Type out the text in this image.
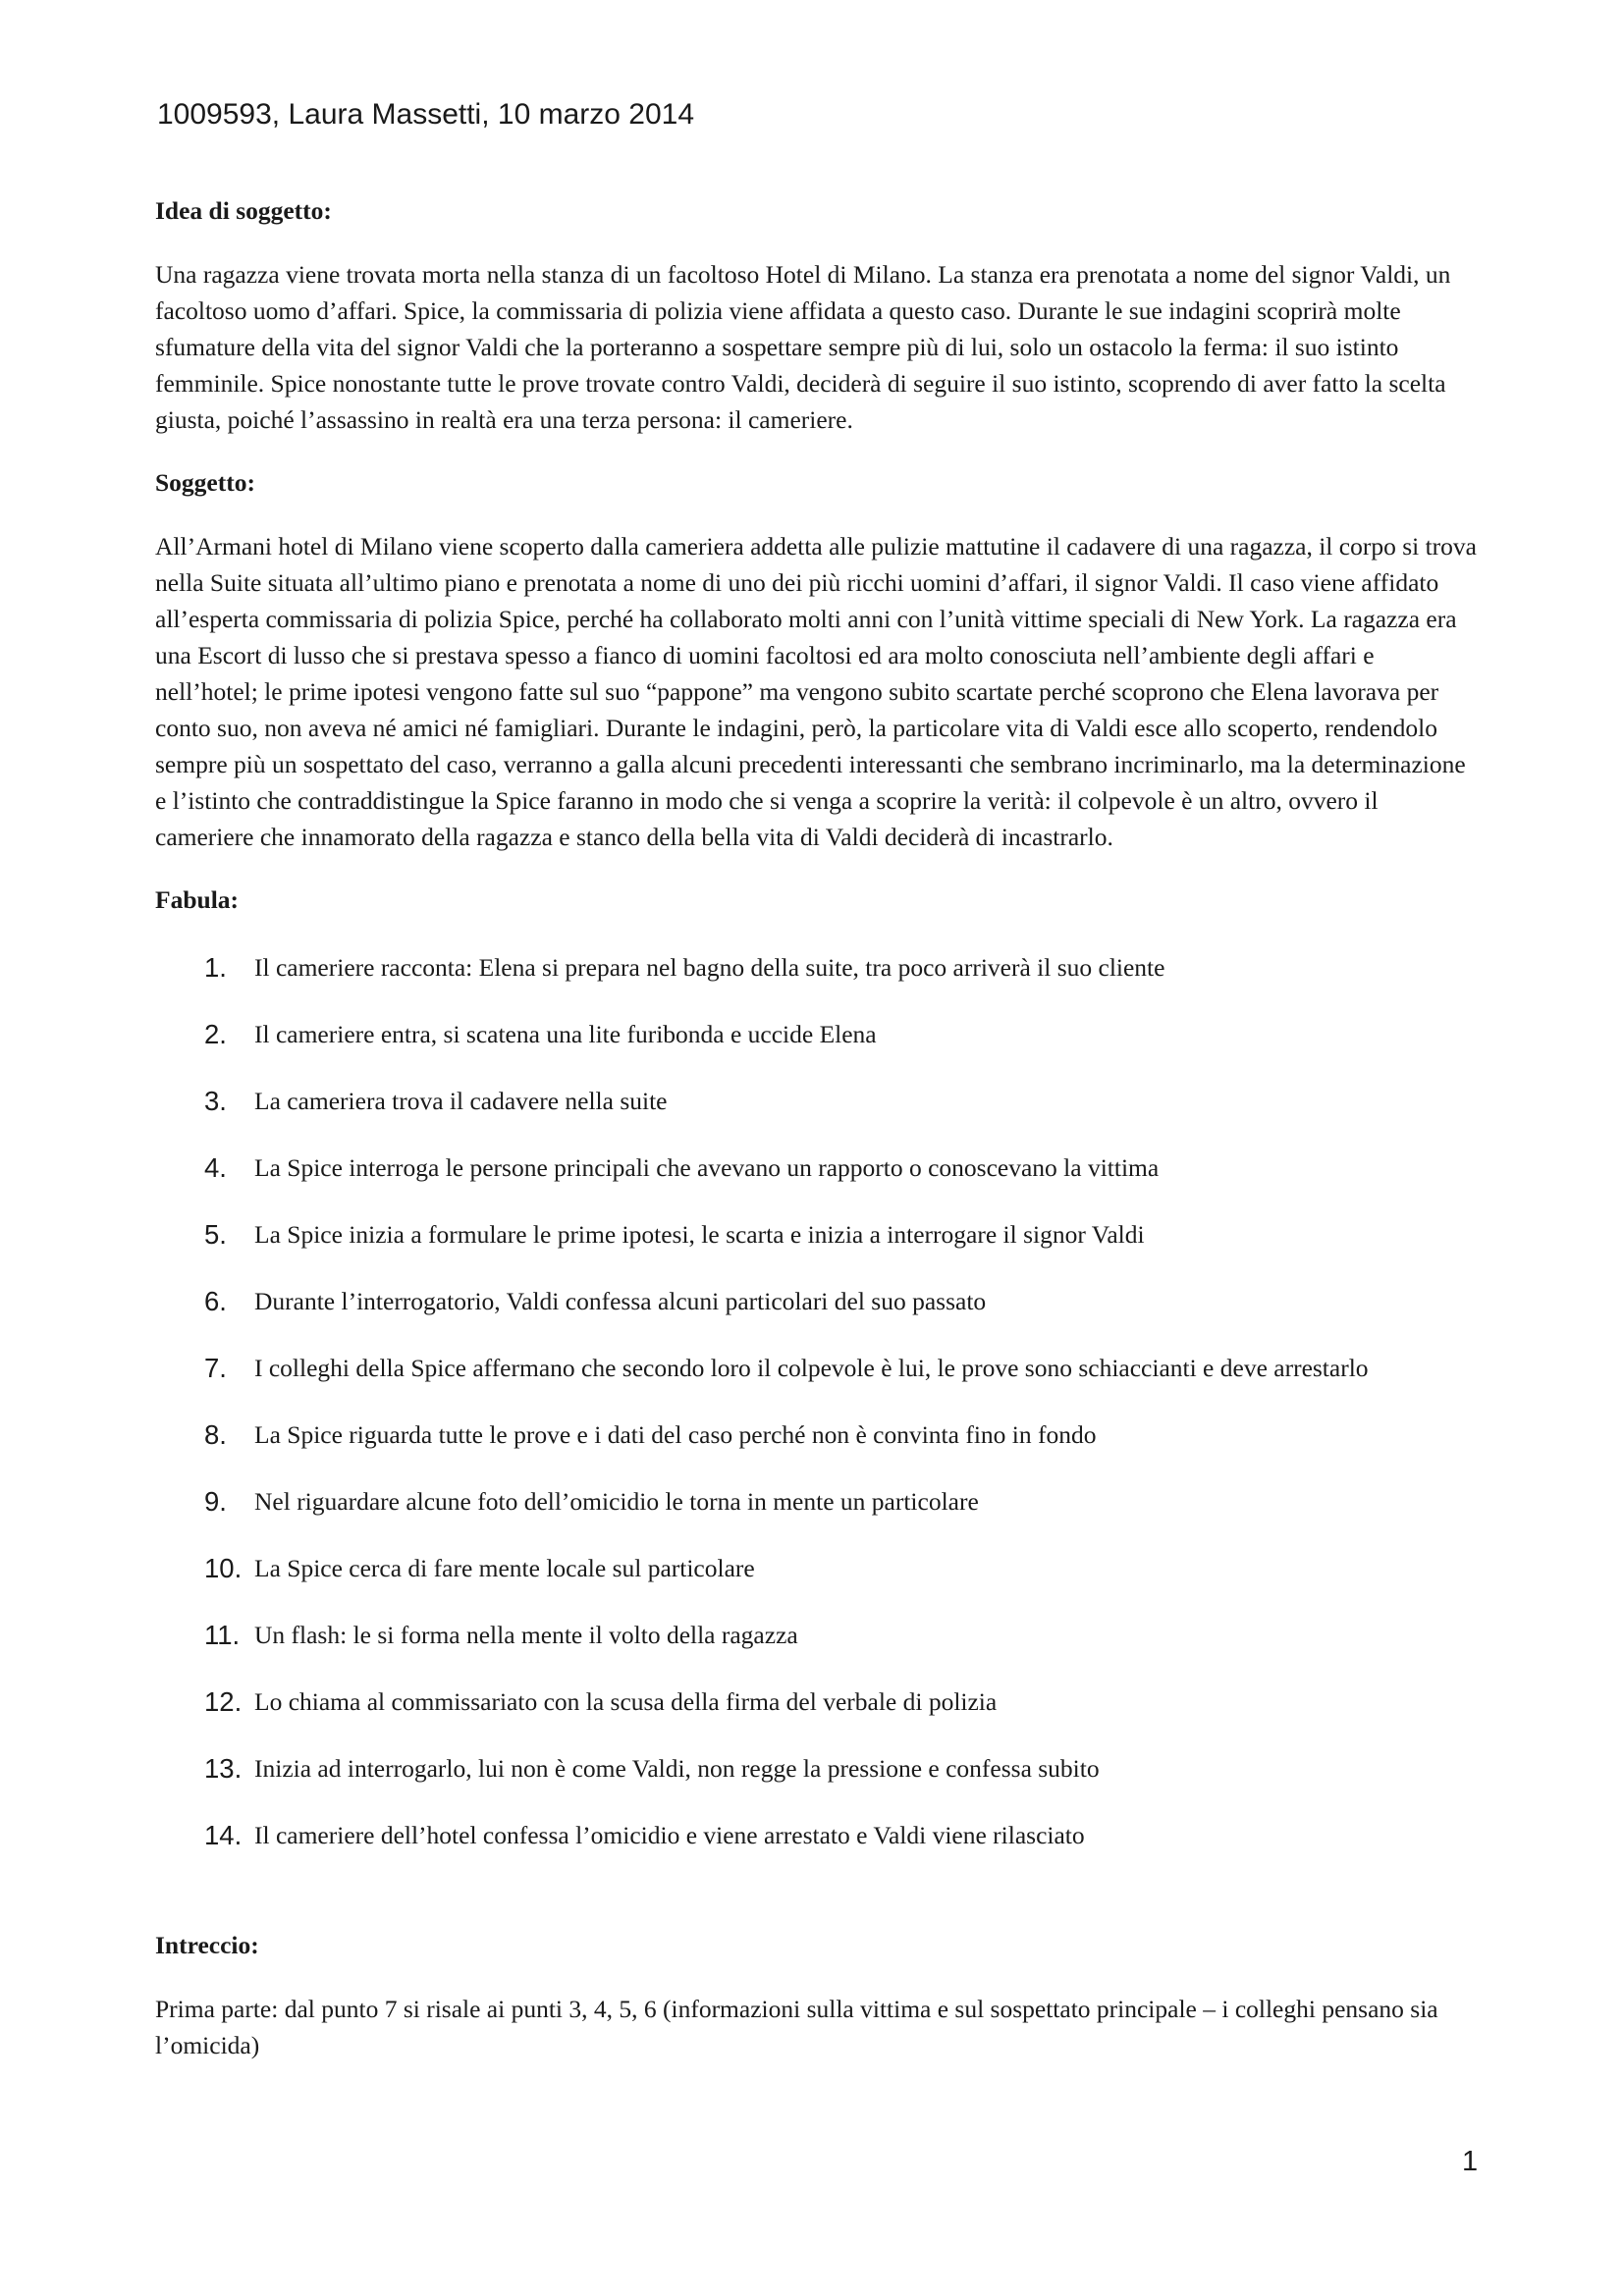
1009593, Laura Massetti, 10 marzo 2014

Idea di soggetto:

Una ragazza viene trovata morta nella stanza di un facoltoso Hotel di Milano. La stanza era prenotata a nome del signor Valdi, un facoltoso uomo d’affari. Spice, la commissaria di polizia viene affidata a questo caso. Durante le sue indagini scoprirà molte sfumature della vita del signor Valdi che la porteranno a sospettare sempre più di lui, solo un ostacolo la ferma: il suo istinto femminile. Spice nonostante tutte le prove trovate contro Valdi, deciderà di seguire il suo istinto, scoprendo di aver fatto la scelta giusta, poiché l’assassino in realtà era una terza persona: il cameriere.

Soggetto:

All’Armani hotel di Milano viene scoperto dalla cameriera addetta alle pulizie mattutine il cadavere di una ragazza, il corpo si trova nella Suite situata all’ultimo piano e prenotata a nome di uno dei più ricchi uomini d’affari, il signor Valdi. Il caso viene affidato all’esperta commissaria di polizia Spice, perché ha collaborato molti anni con l’unità vittime speciali di New York. La ragazza era una Escort di lusso che si prestava spesso a fianco di uomini facoltosi ed ara molto conosciuta nell’ambiente degli affari e nell’hotel; le prime ipotesi vengono fatte sul suo “pappone” ma vengono subito scartate perché scoprono che Elena lavorava per conto suo, non aveva né amici né famigliari. Durante le indagini, però, la particolare vita di Valdi esce allo scoperto, rendendolo sempre più un sospettato del caso, verranno a galla alcuni precedenti interessanti che sembrano incriminarlo, ma la determinazione e l’istinto che contraddistingue la Spice faranno in modo che si venga a scoprire la verità: il colpevole è un altro, ovvero il cameriere che innamorato della ragazza e stanco della bella vita di Valdi deciderà di incastrarlo.

Fabula:

1. Il cameriere racconta: Elena si prepara nel bagno della suite, tra poco arriverà il suo cliente
2. Il cameriere entra, si scatena una lite furibonda e uccide Elena
3. La cameriera trova il cadavere nella suite
4. La Spice interroga le persone principali che avevano un rapporto o conoscevano la vittima
5. La Spice inizia a formulare le prime ipotesi, le scarta e inizia a interrogare il signor Valdi
6. Durante l’interrogatorio, Valdi confessa alcuni particolari del suo passato
7. I colleghi della Spice affermano che secondo loro il colpevole è lui, le prove sono schiaccianti e deve arrestarlo
8. La Spice riguarda tutte le prove e i dati del caso perché non è convinta fino in fondo
9. Nel riguardare alcune foto dell’omicidio le torna in mente un particolare
10. La Spice cerca di fare mente locale sul particolare
11. Un flash: le si forma nella mente il volto della ragazza
12. Lo chiama al commissariato con la scusa della firma del verbale di polizia
13. Inizia ad interrogarlo, lui non è come Valdi, non regge la pressione e confessa subito
14. Il cameriere dell’hotel confessa l’omicidio e viene arrestato e Valdi viene rilasciato

Intreccio:

Prima parte: dal punto 7 si risale ai punti 3, 4, 5, 6 (informazioni sulla vittima e sul sospettato principale – i colleghi pensano sia l’omicida)

1
